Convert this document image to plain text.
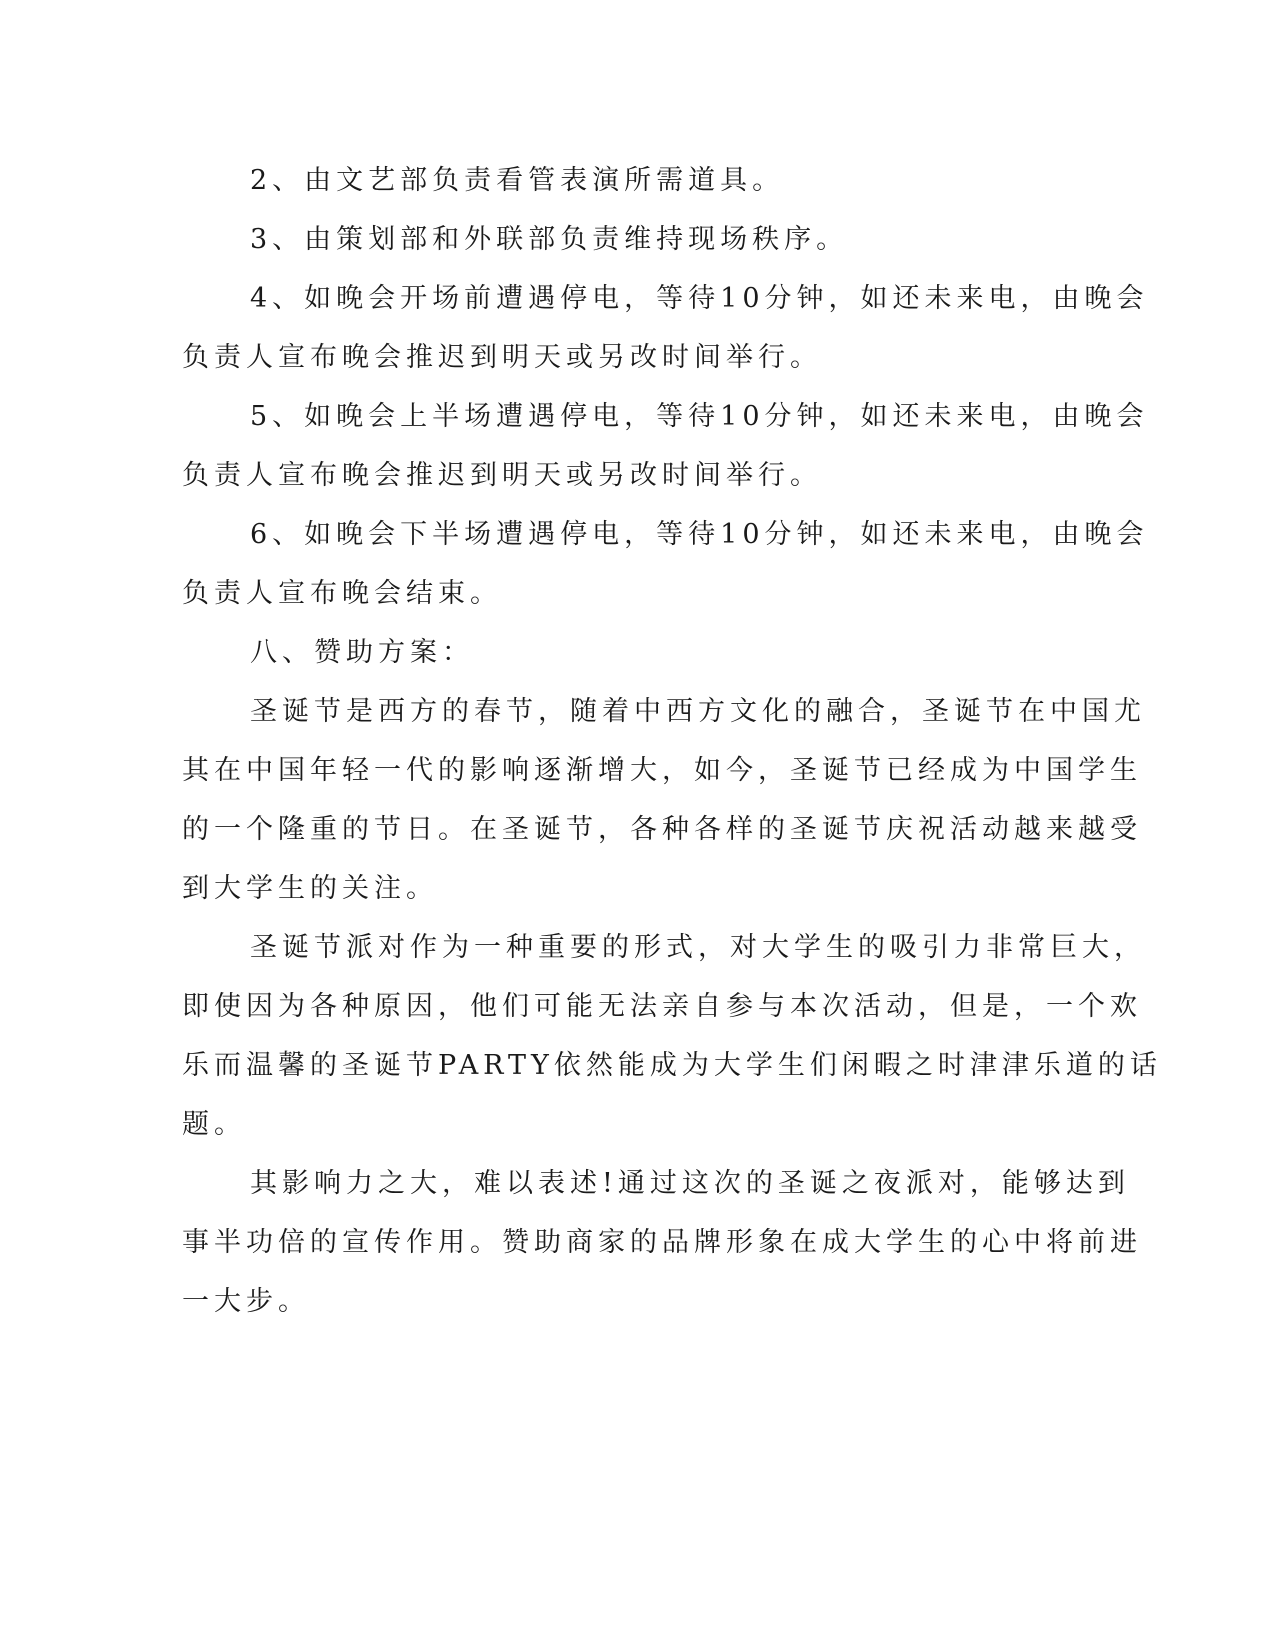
2、由文艺部负责看管表演所需道具。
3、由策划部和外联部负责维持现场秩序。
4、如晚会开场前遭遇停电，等待10分钟，如还未来电，由晚会
负责人宣布晚会推迟到明天或另改时间举行。
5、如晚会上半场遭遇停电，等待10分钟，如还未来电，由晚会
负责人宣布晚会推迟到明天或另改时间举行。
6、如晚会下半场遭遇停电，等待10分钟，如还未来电，由晚会
负责人宣布晚会结束。
八、赞助方案：
圣诞节是西方的春节，随着中西方文化的融合，圣诞节在中国尤
其在中国年轻一代的影响逐渐增大，如今，圣诞节已经成为中国学生
的一个隆重的节日。在圣诞节，各种各样的圣诞节庆祝活动越来越受
到大学生的关注。
圣诞节派对作为一种重要的形式，对大学生的吸引力非常巨大，
即使因为各种原因，他们可能无法亲自参与本次活动，但是，一个欢
乐而温馨的圣诞节PARTY依然能成为大学生们闲暇之时津津乐道的话
题。
其影响力之大，难以表述!通过这次的圣诞之夜派对，能够达到
事半功倍的宣传作用。赞助商家的品牌形象在成大学生的心中将前进
一大步。
